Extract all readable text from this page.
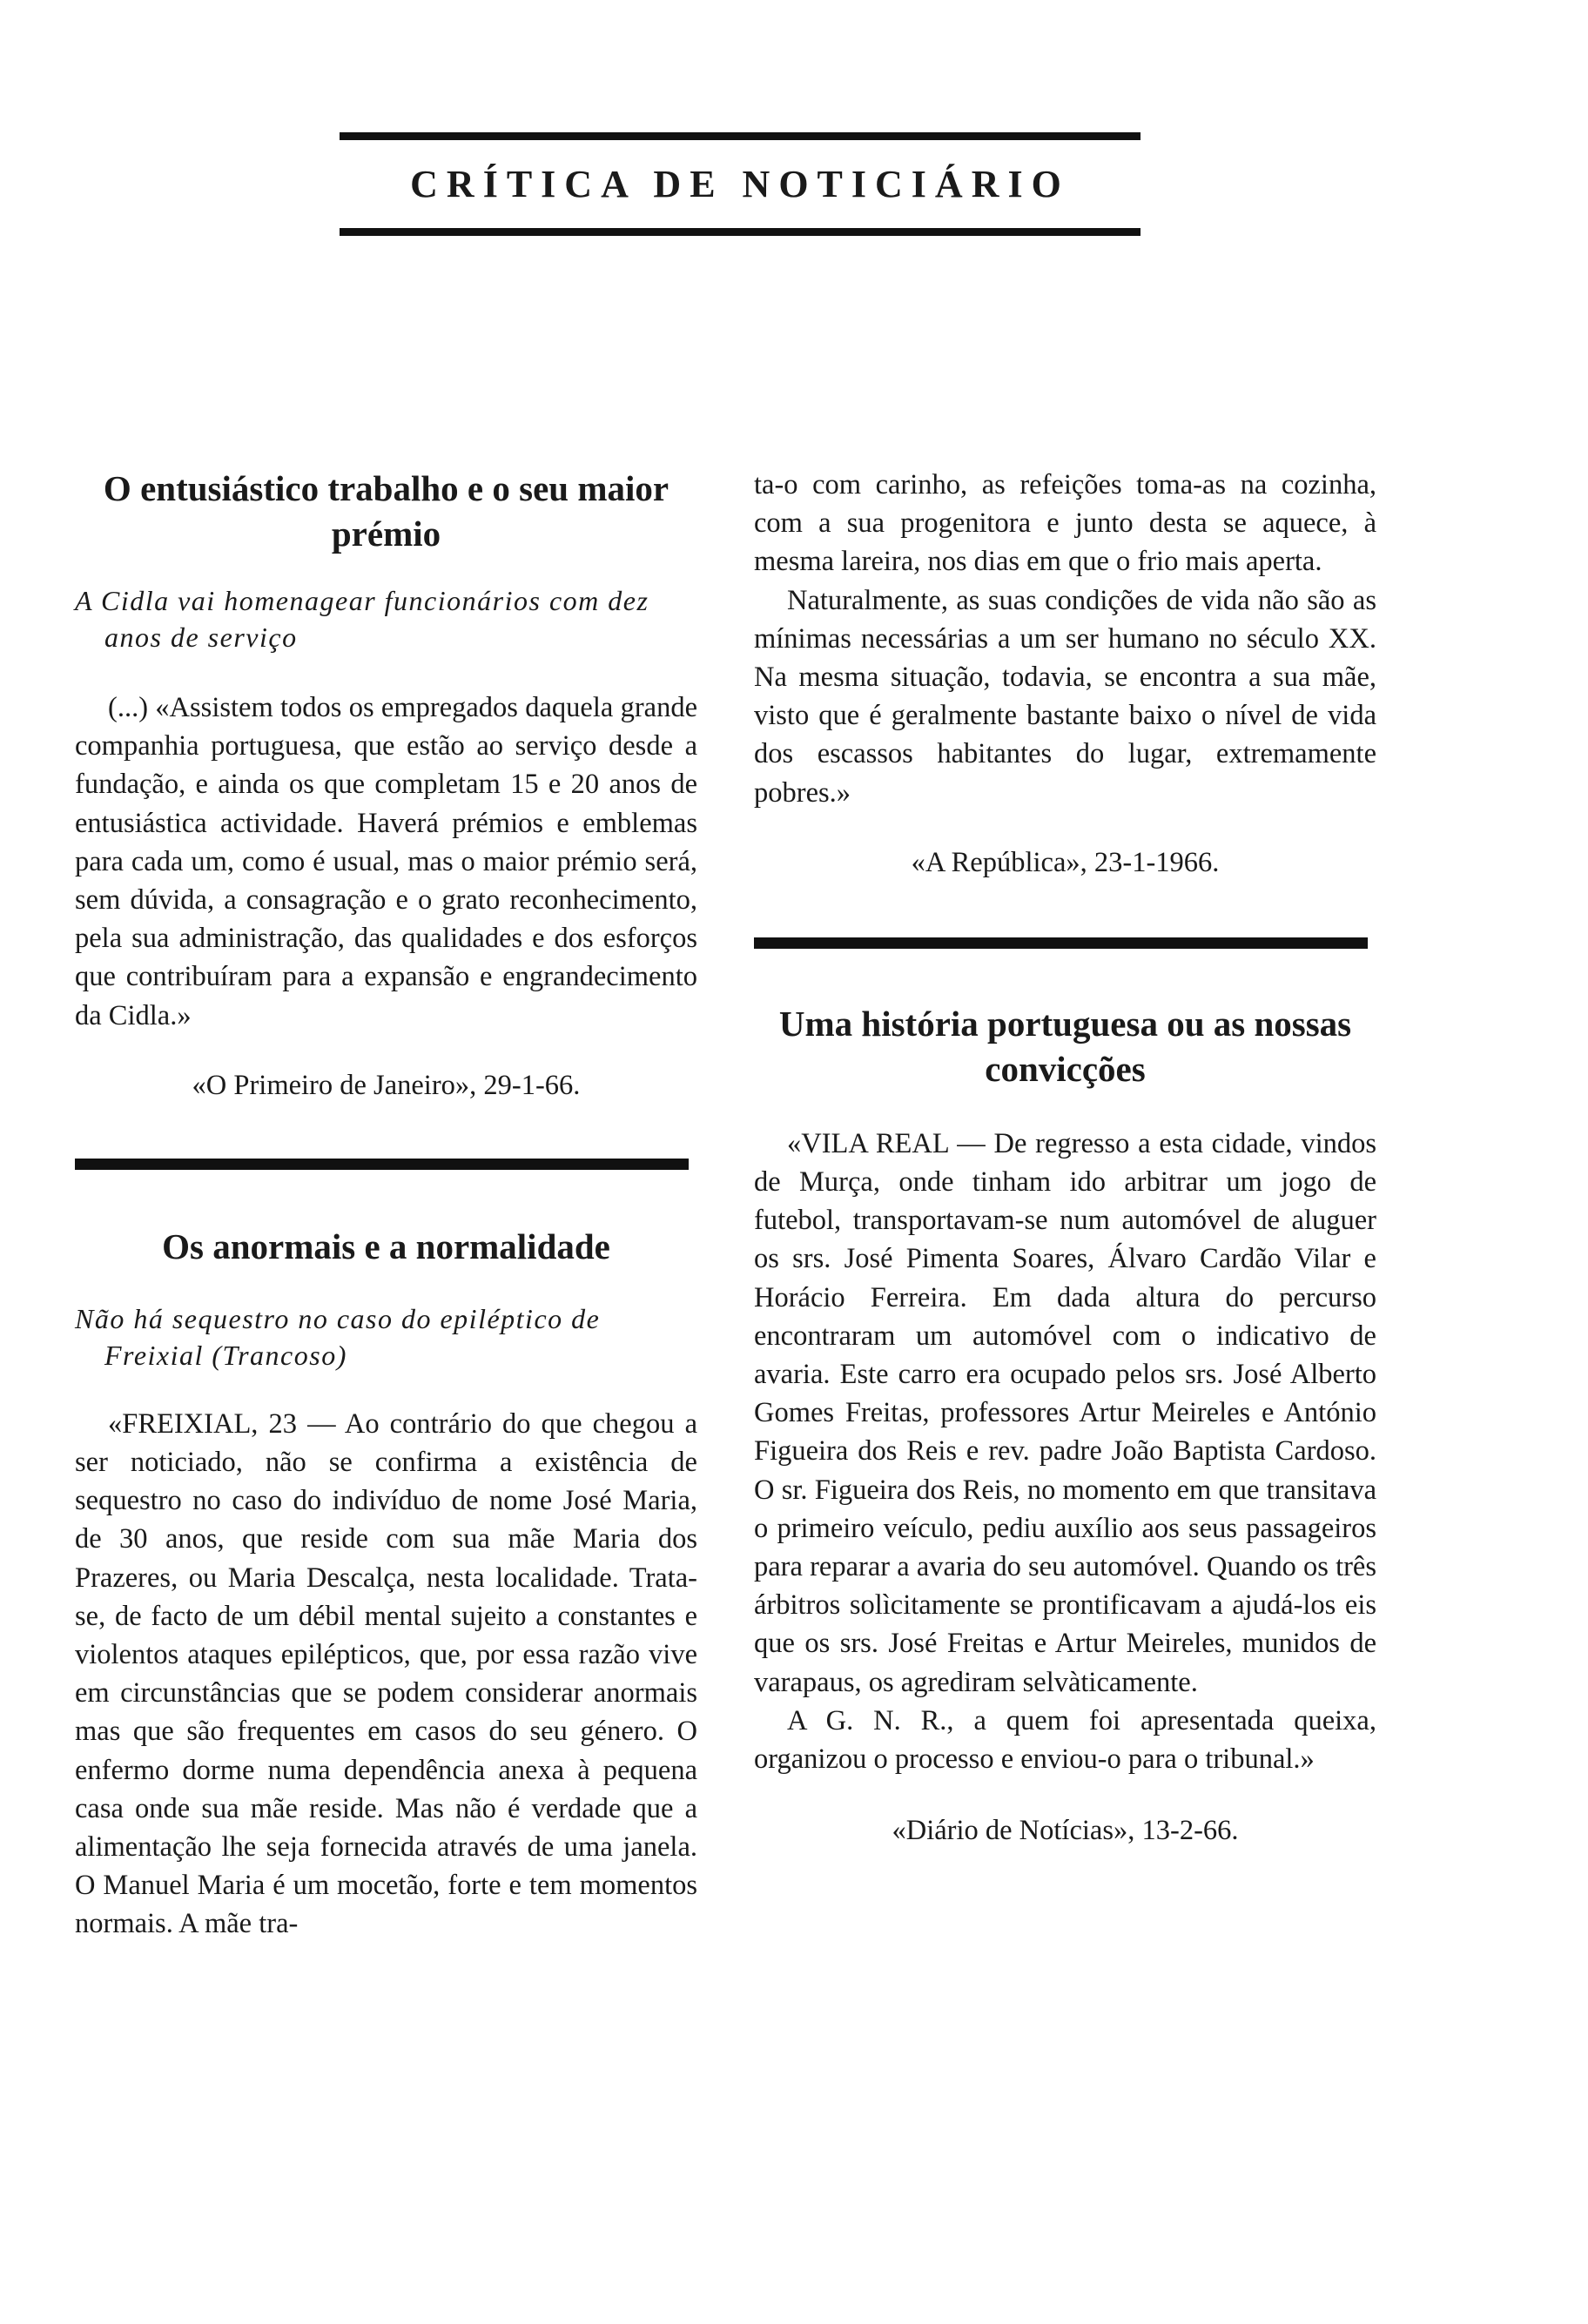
CRÍTICA DE NOTICIÁRIO
O entusiástico trabalho e o seu maior prémio

A Cidla vai homenagear funcionários com dez anos de serviço

(...) «Assistem todos os empregados daquela grande companhia portuguesa, que estão ao serviço desde a fundação, e ainda os que completam 15 e 20 anos de entusiástica actividade. Haverá prémios e emblemas para cada um, como é usual, mas o maior prémio será, sem dúvida, a consagração e o grato reconhecimento, pela sua administração, das qualidades e dos esforços que contribuíram para a expansão e engrandecimento da Cidla.»

«O Primeiro de Janeiro», 29-1-66.

Os anormais e a normalidade

Não há sequestro no caso do epiléptico de Freixial (Trancoso)

«FREIXIAL, 23 — Ao contrário do que chegou a ser noticiado, não se confirma a existência de sequestro no caso do indivíduo de nome José Maria, de 30 anos, que reside com sua mãe Maria dos Prazeres, ou Maria Descalça, nesta localidade. Trata-se, de facto de um débil mental sujeito a constantes e violentos ataques epilépticos, que, por essa razão vive em circunstâncias que se podem considerar anormais mas que são frequentes em casos do seu género. O enfermo dorme numa dependência anexa à pequena casa onde sua mãe reside. Mas não é verdade que a alimentação lhe seja fornecida através de uma janela. O Manuel Maria é um mocetão, forte e tem momentos normais. A mãe tra-

ta-o com carinho, as refeições toma-as na cozinha, com a sua progenitora e junto desta se aquece, à mesma lareira, nos dias em que o frio mais aperta.

Naturalmente, as suas condições de vida não são as mínimas necessárias a um ser humano no século XX. Na mesma situação, todavia, se encontra a sua mãe, visto que é geralmente bastante baixo o nível de vida dos escassos habitantes do lugar, extremamente pobres.»

«A República», 23-1-1966.

Uma história portuguesa ou as nossas convicções

«VILA REAL — De regresso a esta cidade, vindos de Murça, onde tinham ido arbitrar um jogo de futebol, transportavam-se num automóvel de aluguer os srs. José Pimenta Soares, Álvaro Cardão Vilar e Horácio Ferreira. Em dada altura do percurso encontraram um automóvel com o indicativo de avaria. Este carro era ocupado pelos srs. José Alberto Gomes Freitas, professores Artur Meireles e António Figueira dos Reis e rev. padre João Baptista Cardoso. O sr. Figueira dos Reis, no momento em que transitava o primeiro veículo, pediu auxílio aos seus passageiros para reparar a avaria do seu automóvel. Quando os três árbitros solìcitamente se prontificavam a ajudá-los eis que os srs. José Freitas e Artur Meireles, munidos de varapaus, os agrediram selvàticamente.

A G. N. R., a quem foi apresentada queixa, organizou o processo e enviou-o para o tribunal.»

«Diário de Notícias», 13-2-66.
